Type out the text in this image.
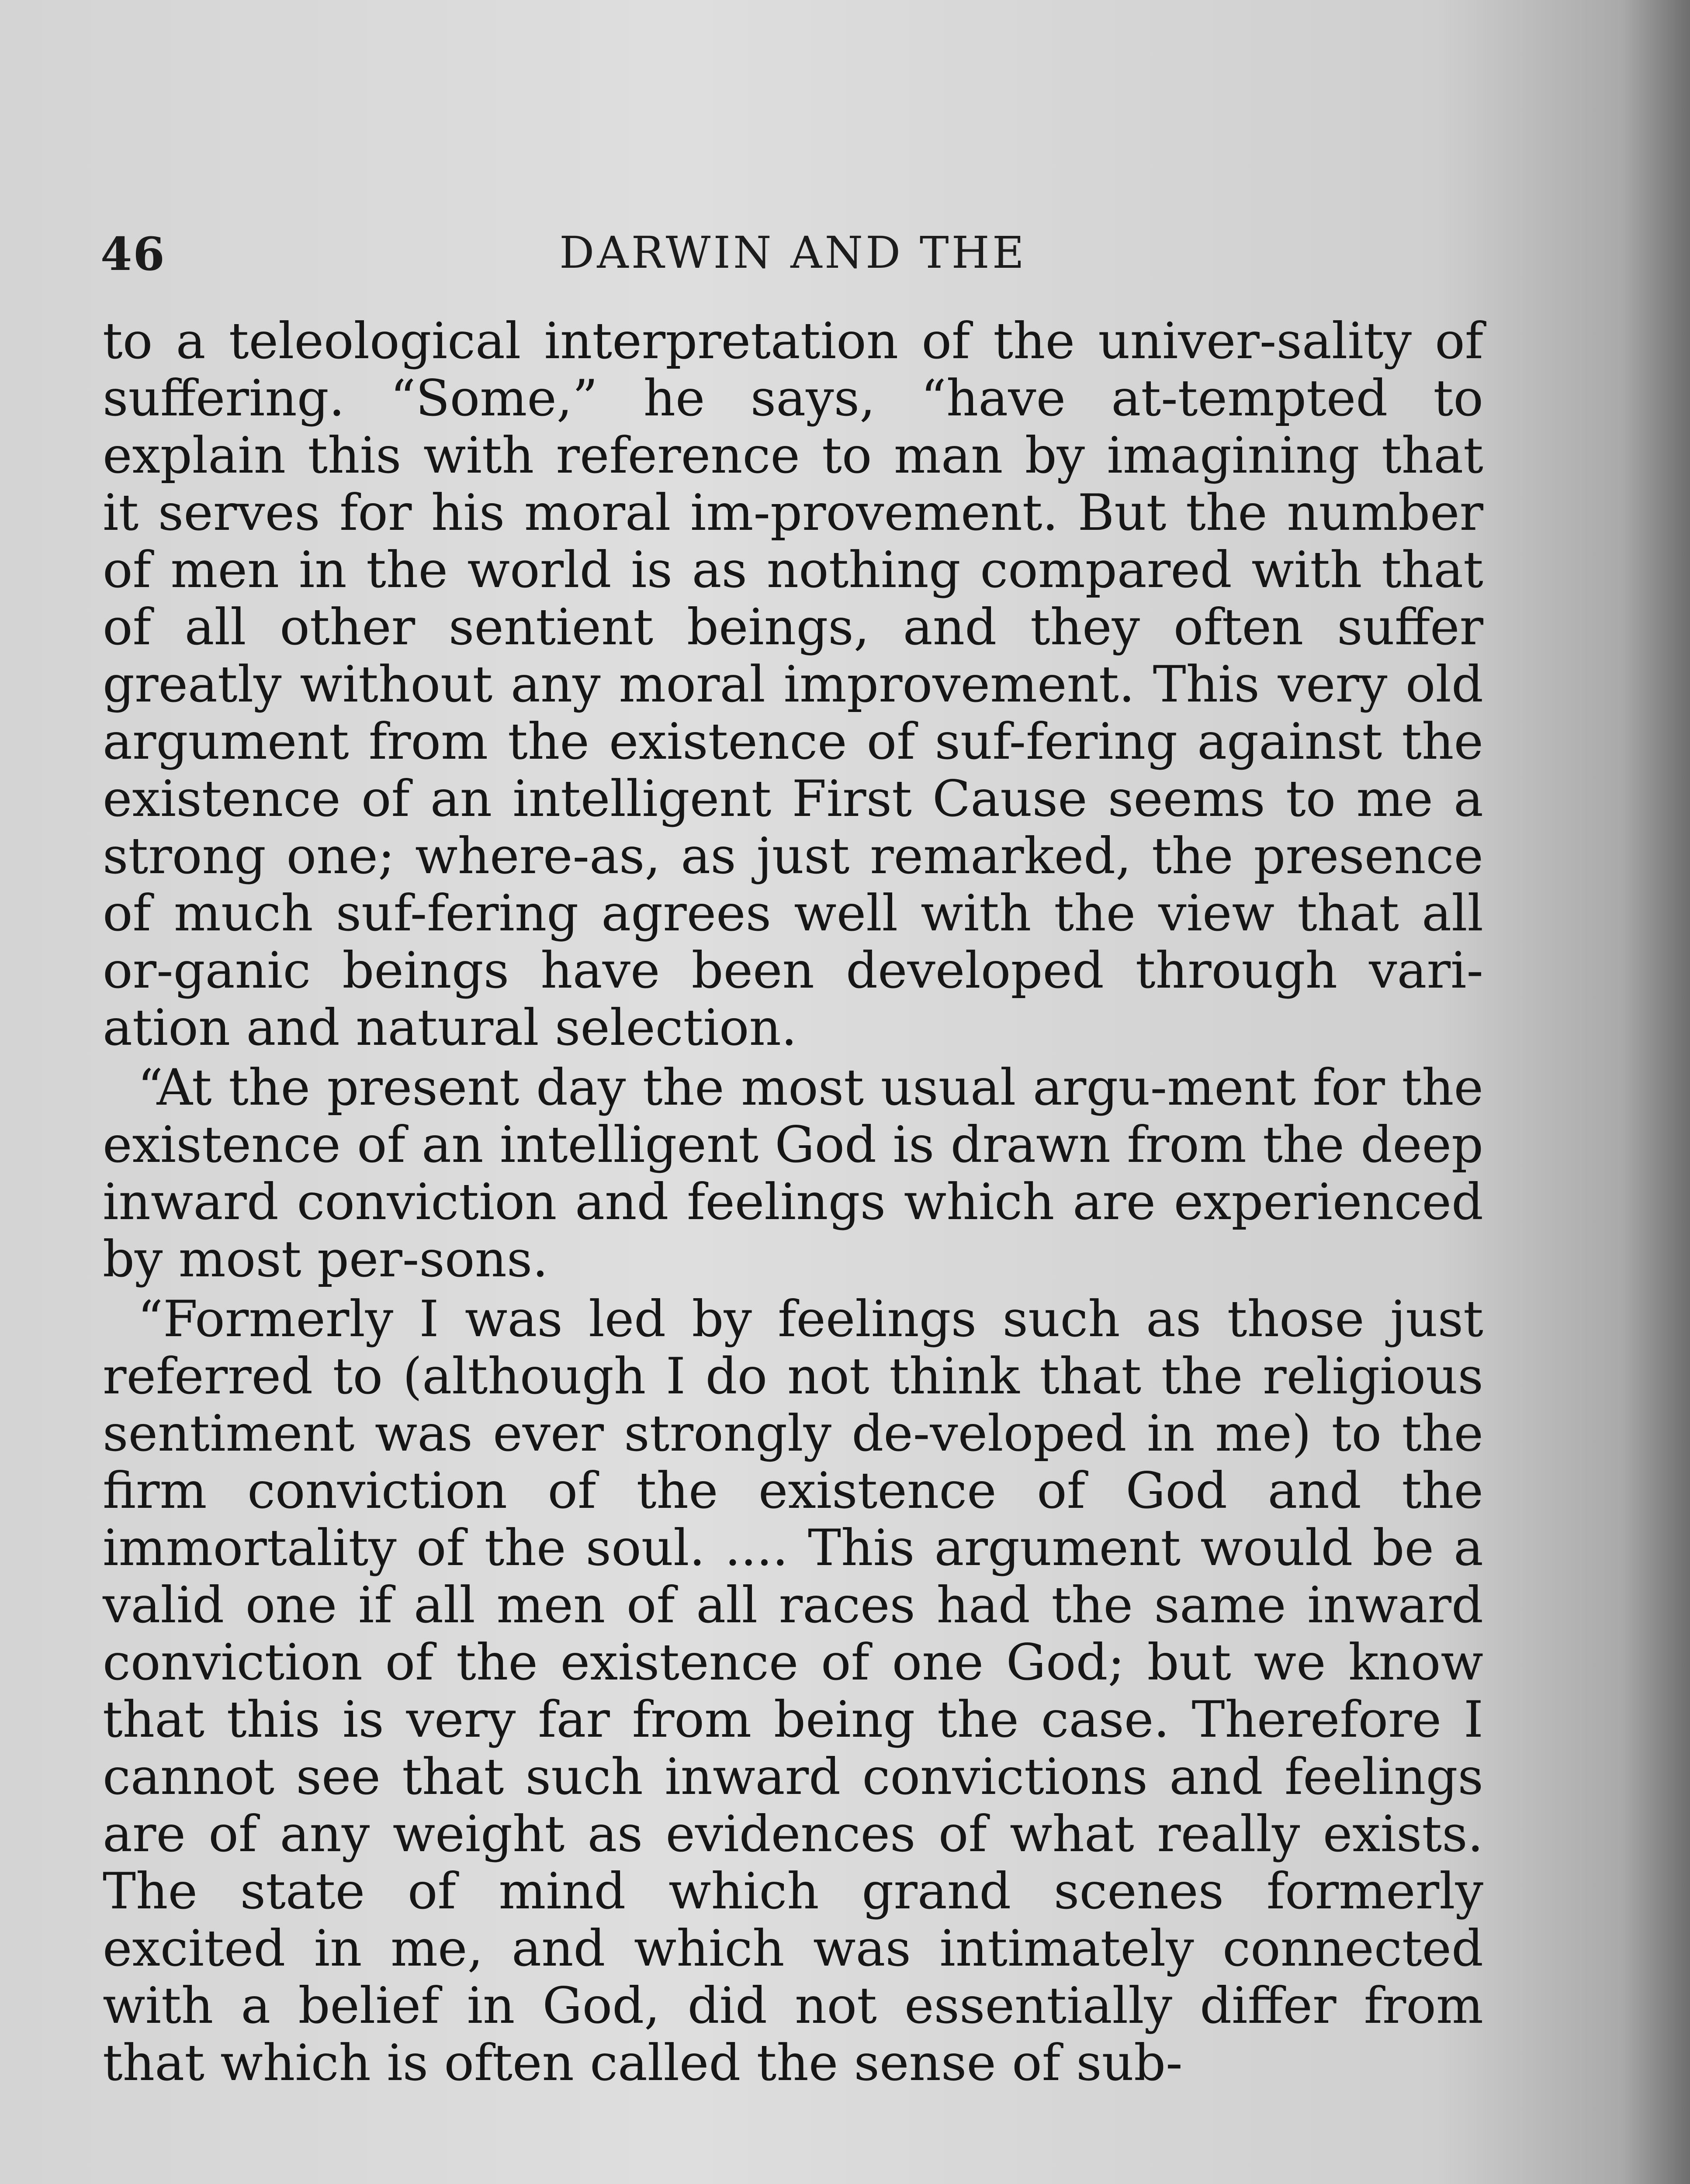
46	DARWIN AND THE

to a teleological interpretation of the univer-sality of suffering. “Some,” he says, “have at-tempted to explain this with reference to man by imagining that it serves for his moral im-provement. But the number of men in the world is as nothing compared with that of all other sentient beings, and they often suffer greatly without any moral improvement. This very old argument from the existence of suf-fering against the existence of an intelligent First Cause seems to me a strong one; where-as, as just remarked, the presence of much suf-fering agrees well with the view that all or-ganic beings have been developed through vari-ation and natural selection.

“At the present day the most usual argu-ment for the existence of an intelligent God is drawn from the deep inward conviction and feelings which are experienced by most per-sons.

“Formerly I was led by feelings such as those just referred to (although I do not think that the religious sentiment was ever strongly de-veloped in me) to the firm conviction of the existence of God and the immortality of the soul. .... This argument would be a valid one if all men of all races had the same inward conviction of the existence of one God; but we know that this is very far from being the case. Therefore I cannot see that such inward convictions and feelings are of any weight as evidences of what really exists. The state of mind which grand scenes formerly excited in me, and which was intimately connected with a belief in God, did not essentially differ from that which is often called the sense of sub-
